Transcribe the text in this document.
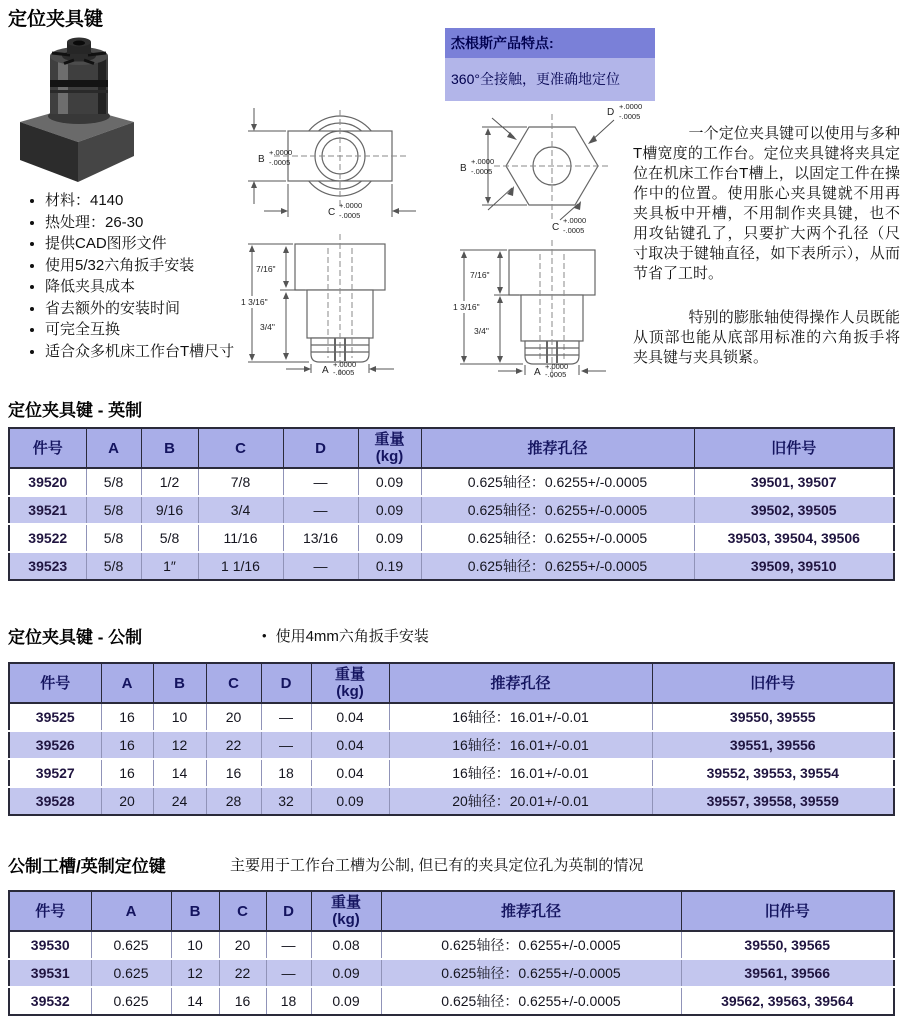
定位夹具键
• 材料：4140
• 热处理：26-30
• 提供CAD图形文件
• 使用5/32六角扳手安装
• 降低夹具成本
• 省去额外的安装时间
• 可完全互换
• 适合众多机床工作台T槽尺寸
B
+.0000
-.0005
C
+.0000
-.0005
7/16"
1 3/16"
3/4"
A
+.0000
-.0005
杰根斯产品特点:
360°全接触，更准确地定位
B
+.0000
-.0005
D
+.0000
-.0005
C
+.0000
-.0005
7/16"
1 3/16"
3/4"
A
+.0000
-.0005

一个定位夹具键可以使用与多种T槽宽度的工作台。定位夹具键将夹具定位在机床工作台T槽上，以固定工件在操作中的位置。使用胀心夹具键就不用再夹具板中开槽，不用制作夹具键，也不用攻钻键孔了，只要扩大两个孔径（尺寸取决于键轴直径，如下表所示），从而节省了工时。

特别的膨胀轴使得操作人员既能从顶部也能从底部用标准的六角扳手将夹具键与夹具锁紧。

定位夹具键 - 英制
件号	A	B	C	D	重量
(kg)	推荐孔径	旧件号
39520	5/8	1/2	7/8	—	0.09	0.625轴径：0.6255+/-0.0005	39501, 39507
39521	5/8	9/16	3/4	—	0.09	0.625轴径：0.6255+/-0.0005	39502, 39505
39522	5/8	5/8	11/16	13/16	0.09	0.625轴径：0.6255+/-0.0005	39503, 39504, 39506
39523	5/8	1″	1 1/16	—	0.19	0.625轴径：0.6255+/-0.0005	39509, 39510
定位夹具键 - 公制	• 使用4mm六角扳手安装
件号	A	B	C	D	重量
(kg)	推荐孔径	旧件号
39525	16	10	20	—	0.04	16轴径：16.01+/-0.01	39550, 39555
39526	16	12	22	—	0.04	16轴径：16.01+/-0.01	39551, 39556
39527	16	14	16	18	0.04	16轴径：16.01+/-0.01	39552, 39553, 39554
39528	20	24	28	32	0.09	20轴径：20.01+/-0.01	39557, 39558, 39559
公制工槽/英制定位键	主要用于工作台工槽为公制, 但已有的夹具定位孔为英制的情况
件号	A	B	C	D	重量
(kg)	推荐孔径	旧件号
39530	0.625	10	20	—	0.08	0.625轴径：0.6255+/-0.0005	39550, 39565
39531	0.625	12	22	—	0.09	0.625轴径：0.6255+/-0.0005	39561, 39566
39532	0.625	14	16	18	0.09	0.625轴径：0.6255+/-0.0005	39562, 39563, 39564
